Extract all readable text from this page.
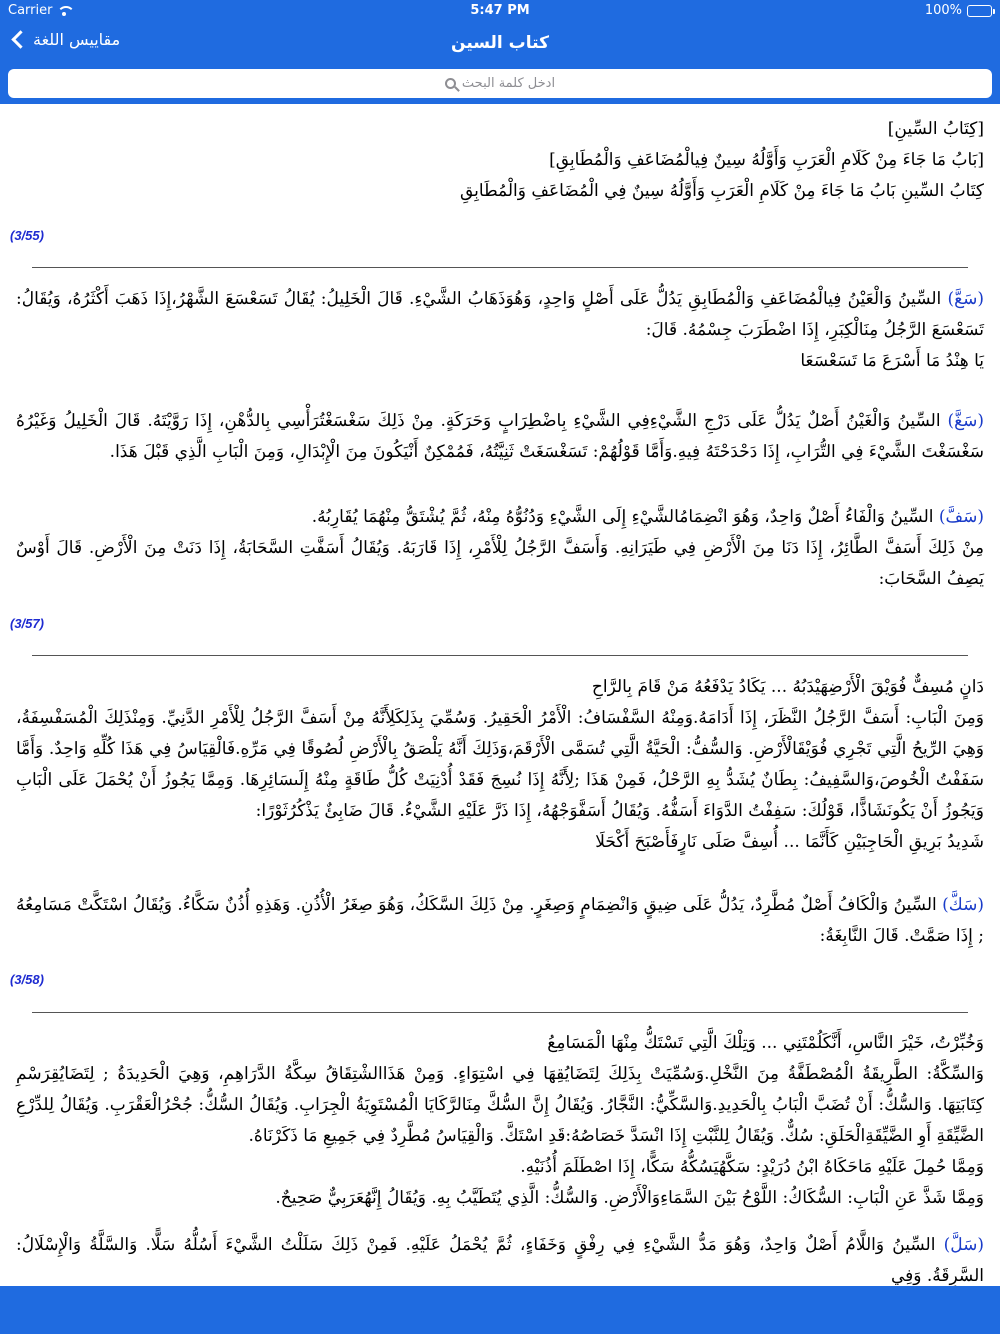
Carrier	5:47 PM	100%
مقاييس اللغة	كتاب السين
ادخل كلمة البحث
[كِتَابُ السِّينِ]
[بَابُ مَا جَاءَ مِنْ كَلَامِ الْعَرَبِ وَأَوَّلُهُ سِينٌ فِيالْمُضَاعَفِ وَالْمُطَابِقِ]
كِتَابُ السِّينِ بَابُ مَا جَاءَ مِنْ كَلَامِ الْعَرَبِ وَأَوَّلُهُ سِينٌ فِي الْمُضَاعَفِ وَالْمُطَابِقِ
(3/55)
(سَعَّ) السِّينُ وَالْعَيْنُ فِيالْمُضَاعَفِ وَالْمُطَابِقِ يَدُلُّ عَلَى أَصْلٍ وَاحِدٍ، وَهُوَذَهَابُ الشَّيْءِ. قَالَ الْخَلِيلُ: يُقَالُ تَسَعْسَعَ الشَّهْرُ،إِذَا ذَهَبَ أَكْثَرُهُ، وَيُقَالُ: تَسَعْسَعَ الرَّجُلُ مِنَالْكِبَرِ، إِذَا اضْطَرَبَ جِسْمُهُ. قَالَ:
يَا هِنْدُ مَا أَسْرَعَ مَا تَسَعْسَعَا
(سَغَّ) السِّينُ وَالْغَيْنُ أَصْلٌ يَدُلُّ عَلَى دَرْجِ الشَّيْءِفِي الشَّيْءِ بِاضْطِرَابٍ وَحَرَكَةٍ. مِنْ ذَلِكَ سَغْسَغْتُرَأْسِي بِالدُّهْنِ، إِذَا رَوَّيْتَهُ. قَالَ الْخَلِيلُ وَغَيْرُهُ سَغْسَغْتَ الشَّيْءَ فِي التُّرَابِ، إِذَا دَحْدَحْتَهُ فِيهِ.وَأَمَّا قَوْلُهُمْ: تَسَغْسَغَتْ ثَنِيَّتُهُ، فَمُمْكِنٌ أَنْيَكُونَ مِنَ الْإِبْدَالِ، وَمِنَ الْبَابِ الَّذِي قَبْلَ هَذَا.
(سَفَّ) السِّينُ وَالْفَاءُ أَصْلٌ وَاحِدٌ، وَهُوَ انْضِمَامُالشَّيْءِ إِلَى الشَّيْءِ وَدُنُوُّهُ مِنْهُ، ثُمَّ يُشْتَقُّ مِنْهُمَا يُقَارِبُهُ.
مِنْ ذَلِكَ أَسَفَّ الطَّائِرُ، إِذَا دَنَا مِنَ الْأَرْضِ فِي طَيَرَانِهِ. وَأَسَفَّ الرَّجُلُ لِلْأَمْرِ، إِذَا قَارَبَهُ. وَيُقَالُ أَسَفَّتِ السَّحَابَةُ، إِذَا دَنَتْ مِنَ الْأَرْضِ. قَالَ أَوْسٌ يَصِفُ السَّحَابَ:
(3/57)
دَانٍ مُسِفٌّ فُوَيْقَ الْأَرْضِهَيْدَبُهُ ... يَكَادُ يَدْفَعُهُ مَنْ قَامَ بِالرَّاحِ
وَمِنَ الْبَابِ: أَسَفَّ الرَّجُلُ النَّظَرَ، إِذَا أَدَامَهُ.وَمِنْهُ السَّفْسَافُ: الْأَمْرُ الْحَقِيرُ. وَسُمِّيَ بِذَلِكَلِأَنَّهُ مِنْ أَسَفَّ الرَّجُلُ لِلْأَمْرِ الدَّنِيِّ. وَمِنْذَلِكَ الْمُسَفْسِفَةُ، وَهِيَ الرِّيحُ الَّتِي تَجْرِي فُوَيْقَالْأَرْضِ. وَالسُّفُّ: الْحَيَّةُ الَّتِي تُسَمَّى الْأَرْقَمَ،وَذَلِكَ أَنَّهُ يَلْصَقُ بِالْأَرْضِ لُصُوقًا فِي مَرِّهِ.فَالْقِيَاسُ فِي هَذَا كُلِّهِ وَاحِدٌ. وَأَمَّا سَفَفْتُ الْخُوصَ،وَالسَّفِيفُ: بِطَانٌ يُشَدُّ بِهِ الرَّحْلُ، فَمِنْ هَذَا ;لِأَنَّهُ إِذَا نُسِجَ فَقَدْ أُدْنِيَتْ كُلُّ طَاقَةٍ مِنْهُ إِلَىسَائِرِهَا. وَمِمَّا يَجُوزُ أَنْ يُحْمَلَ عَلَى الْبَابِ وَيَجُوزُ أَنْ يَكُونَشَاذًّا، قَوْلُكَ: سَفِفْتُ الدَّوَاءَ أَسَفُّهُ. وَيُقَالُ أَسَفَّوَجْهُهُ، إِذَا ذَرَّ عَلَيْهِ الشَّيْءُ. قَالَ ضَابِئٌ يَذْكُرُثَوْرًا:
شَدِيدُ بَرِيقِ الْحَاجِبَيْنِ كَأَنَّمَا ... أُسِفَّ صَلَى نَارٍفَأَصْبَحَ أَكْحَلَا
(سَكَّ) السِّينُ وَالْكَافُ أَصْلٌ مُطَّرِدٌ، يَدُلُّ عَلَى ضِيقٍ وَانْضِمَامٍ وَصِغَرٍ. مِنْ ذَلِكَ السَّكَكُ، وَهُوَ صِغَرُ الْأُذُنِ. وَهَذِهِ أُذُنٌ سَكَّاءُ. وَيُقَالُ اسْتَكَّتْ مَسَامِعُهُ ; إِذَا صَمَّتْ. قَالَ النَّابِغَةُ:
(3/58)
وَخُبِّرْتُ، خَيْرَ النَّاسِ، أَنَّكَلُمْتَنِي ... وَتِلْكَ الَّتِي تَسْتَكُّ مِنْهَا الْمَسَامِعُ
وَالسِّكَّةُ: الطَّرِيقَةُ الْمُصْطَفَّةُ مِنَ النَّخْلِ.وَسُمِّيَتْ بِذَلِكَ لِتَضَايُقِهَا فِي اسْتِوَاءٍ. وَمِنْ هَذَاالشْتِقَاقُ سِكَّةُ الدَّرَاهِمِ، وَهِيَ الْحَدِيدَةُ ; لِتَضَايُقِرَسْمِ كِتَابَتِهَا. وَالسُّكُّ: أَنْ تُضَبَّ الْبَابُ بِالْحَدِيدِ.وَالسَّكِّيُّ: النَّجَّارُ. وَيُقَالُ إِنَّ السُّكَّ مِنَالرَّكَايَا الْمُسْتَوِيَةُ الْجِرَابِ. وَيُقَالُ السُّكُّ: جُحْرُالْعَقْرَبِ. وَيُقَالُ لِلدِّرْعِ الضَّيِّقَةِ أَوِ الضَّيِّقَةِالْحَلَقِ: سُكٌّ. وَيُقَالُ لِلنَّبْتِ إِذَا انْسَدَّ خَصَاصُهُ:قَدِ اسْتَكَّ. وَالْقِيَاسُ مُطَّرِدٌ فِي جَمِيعِ مَا ذَكَرْنَاهُ.
وَمِمَّا حُمِلَ عَلَيْهِ مَاحَكَاهُ ابْنُ دُرَيْدٍ: سَكَّهُيَسُكُّهُ سَكًّا، إِذَا اصْطَلَمَ أُذُنَيْهِ.
وَمِمَّا شَذَّ عَنِ الْبَابِ: السُّكَاكُ: اللَّوْحُ بَيْنَ السَّمَاءِوَالْأَرْضِ. وَالسُّكُّ: الَّذِي يُتَطَيَّبُ بِهِ. وَيُقَالُ إِنَّهُعَرَبِيٌّ صَحِيحٌ.
(سَلَّ) السِّينُ وَاللَّامُ أَصْلٌ وَاحِدٌ، وَهُوَ مَدُّ الشَّيْءِ فِي رِفْقٍ وَخَفَاءٍ، ثُمَّ يُحْمَلُ عَلَيْهِ. فَمِنْ ذَلِكَ سَلَلْتُ الشَّيْءَ أَسُلُّهُ سَلًّا. وَالسَّلَّةُ وَالْإِسْلَالُ: السَّرِقَةُ. وَفِي
